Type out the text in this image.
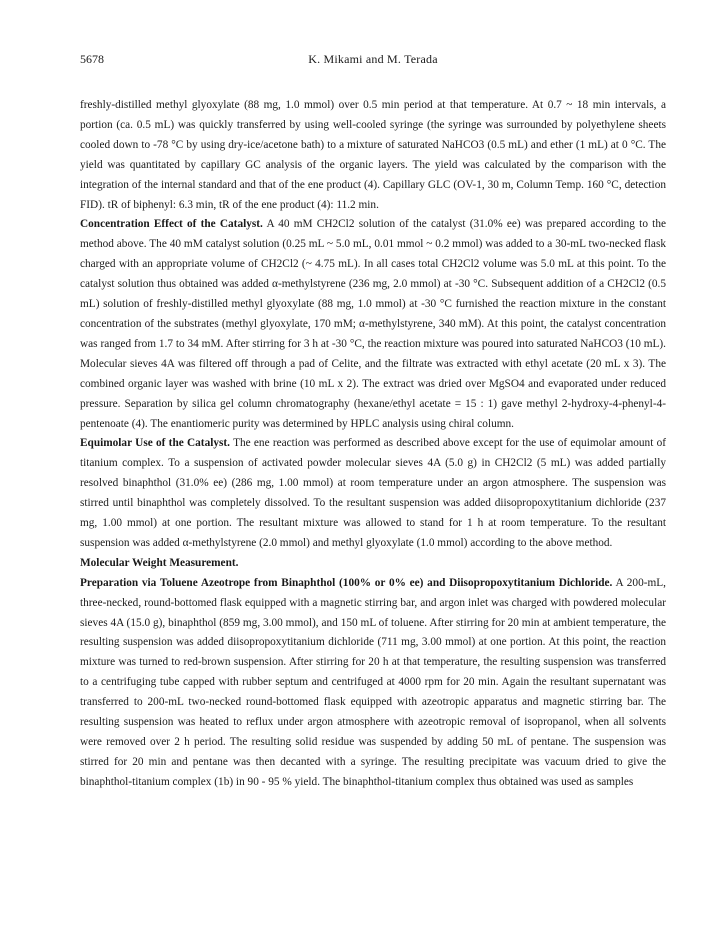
5678	K. Mikami and M. Terada

freshly-distilled methyl glyoxylate (88 mg, 1.0 mmol) over 0.5 min period at that temperature. At 0.7 ~ 18 min intervals, a portion (ca. 0.5 mL) was quickly transferred by using well-cooled syringe (the syringe was surrounded by polyethylene sheets cooled down to -78 °C by using dry-ice/acetone bath) to a mixture of saturated NaHCO3 (0.5 mL) and ether (1 mL) at 0 °C. The yield was quantitated by capillary GC analysis of the organic layers. The yield was calculated by the comparison with the integration of the internal standard and that of the ene product (4). Capillary GLC (OV-1, 30 m, Column Temp. 160 °C, detection FID). tR of biphenyl: 6.3 min, tR of the ene product (4): 11.2 min.

Concentration Effect of the Catalyst. A 40 mM CH2Cl2 solution of the catalyst (31.0% ee) was prepared according to the method above. The 40 mM catalyst solution (0.25 mL ~ 5.0 mL, 0.01 mmol ~ 0.2 mmol) was added to a 30-mL two-necked flask charged with an appropriate volume of CH2Cl2 (~ 4.75 mL). In all cases total CH2Cl2 volume was 5.0 mL at this point. To the catalyst solution thus obtained was added α-methylstyrene (236 mg, 2.0 mmol) at -30 °C. Subsequent addition of a CH2Cl2 (0.5 mL) solution of freshly-distilled methyl glyoxylate (88 mg, 1.0 mmol) at -30 °C furnished the reaction mixture in the constant concentration of the substrates (methyl glyoxylate, 170 mM; α-methylstyrene, 340 mM). At this point, the catalyst concentration was ranged from 1.7 to 34 mM. After stirring for 3 h at -30 °C, the reaction mixture was poured into saturated NaHCO3 (10 mL). Molecular sieves 4A was filtered off through a pad of Celite, and the filtrate was extracted with ethyl acetate (20 mL x 3). The combined organic layer was washed with brine (10 mL x 2). The extract was dried over MgSO4 and evaporated under reduced pressure. Separation by silica gel column chromatography (hexane/ethyl acetate = 15 : 1) gave methyl 2-hydroxy-4-phenyl-4-pentenoate (4). The enantiomeric purity was determined by HPLC analysis using chiral column.

Equimolar Use of the Catalyst. The ene reaction was performed as described above except for the use of equimolar amount of titanium complex. To a suspension of activated powder molecular sieves 4A (5.0 g) in CH2Cl2 (5 mL) was added partially resolved binaphthol (31.0% ee) (286 mg, 1.00 mmol) at room temperature under an argon atmosphere. The suspension was stirred until binaphthol was completely dissolved. To the resultant suspension was added diisopropoxytitanium dichloride (237 mg, 1.00 mmol) at one portion. The resultant mixture was allowed to stand for 1 h at room temperature. To the resultant suspension was added α-methylstyrene (2.0 mmol) and methyl glyoxylate (1.0 mmol) according to the above method.

Molecular Weight Measurement.

Preparation via Toluene Azeotrope from Binaphthol (100% or 0% ee) and Diisopropoxytitanium Dichloride. A 200-mL, three-necked, round-bottomed flask equipped with a magnetic stirring bar, and argon inlet was charged with powdered molecular sieves 4A (15.0 g), binaphthol (859 mg, 3.00 mmol), and 150 mL of toluene. After stirring for 20 min at ambient temperature, the resulting suspension was added diisopropoxytitanium dichloride (711 mg, 3.00 mmol) at one portion. At this point, the reaction mixture was turned to red-brown suspension. After stirring for 20 h at that temperature, the resulting suspension was transferred to a centrifuging tube capped with rubber septum and centrifuged at 4000 rpm for 20 min. Again the resultant supernatant was transferred to 200-mL two-necked round-bottomed flask equipped with azeotropic apparatus and magnetic stirring bar. The resulting suspension was heated to reflux under argon atmosphere with azeotropic removal of isopropanol, when all solvents were removed over 2 h period. The resulting solid residue was suspended by adding 50 mL of pentane. The suspension was stirred for 20 min and pentane was then decanted with a syringe. The resulting precipitate was vacuum dried to give the binaphthol-titanium complex (1b) in 90 - 95 % yield. The binaphthol-titanium complex thus obtained was used as samples
